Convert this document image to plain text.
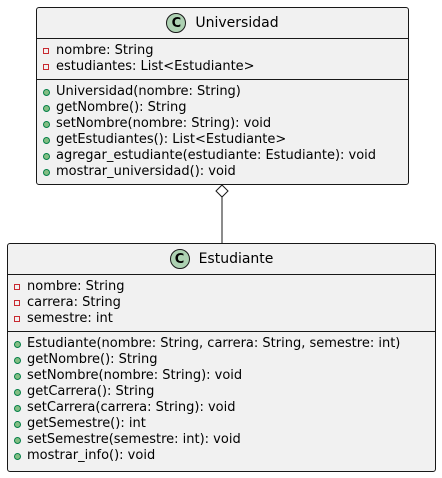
C	Universidad
nombre: String
estudiantes: List<Estudiante>
Universidad(nombre: String)
getNombre(): String
setNombre(nombre: String): void
getEstudiantes(): List<Estudiante>
agregar_estudiante(estudiante: Estudiante): void
mostrar_universidad(): void
C	Estudiante
nombre: String
carrera: String
semestre: int
Estudiante(nombre: String, carrera: String, semestre: int)
getNombre(): String
setNombre(nombre: String): void
getCarrera(): String
setCarrera(carrera: String): void
getSemestre(): int
setSemestre(semestre: int): void
mostrar_info(): void
